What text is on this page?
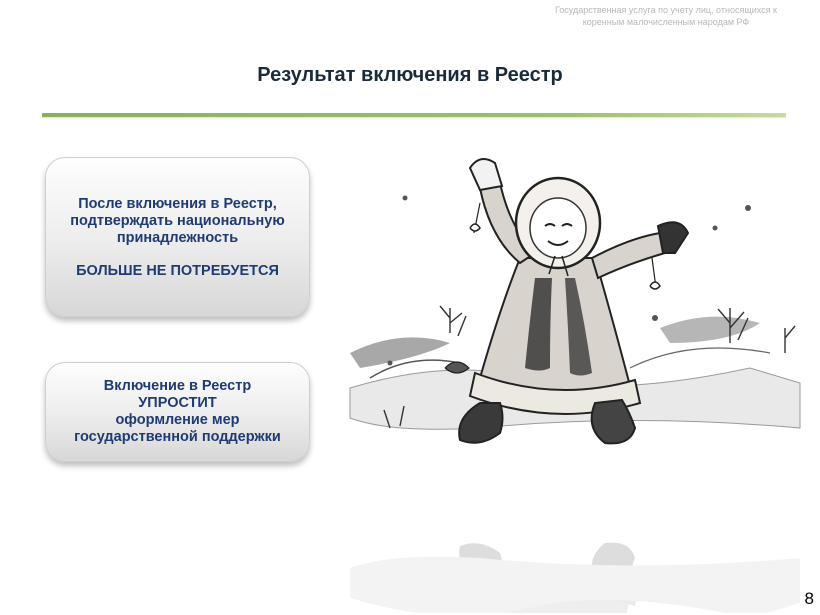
Государственная услуга по учету лиц, относящихся к
коренным малочисленным народам РФ
Результат включения в Реестр
После включения в Реестр,
подтверждать национальную
принадлежность
БОЛЬШЕ НЕ ПОТРЕБУЕТСЯ
Включение в Реестр
УПРОСТИТ
оформление мер
государственной поддержки
8
